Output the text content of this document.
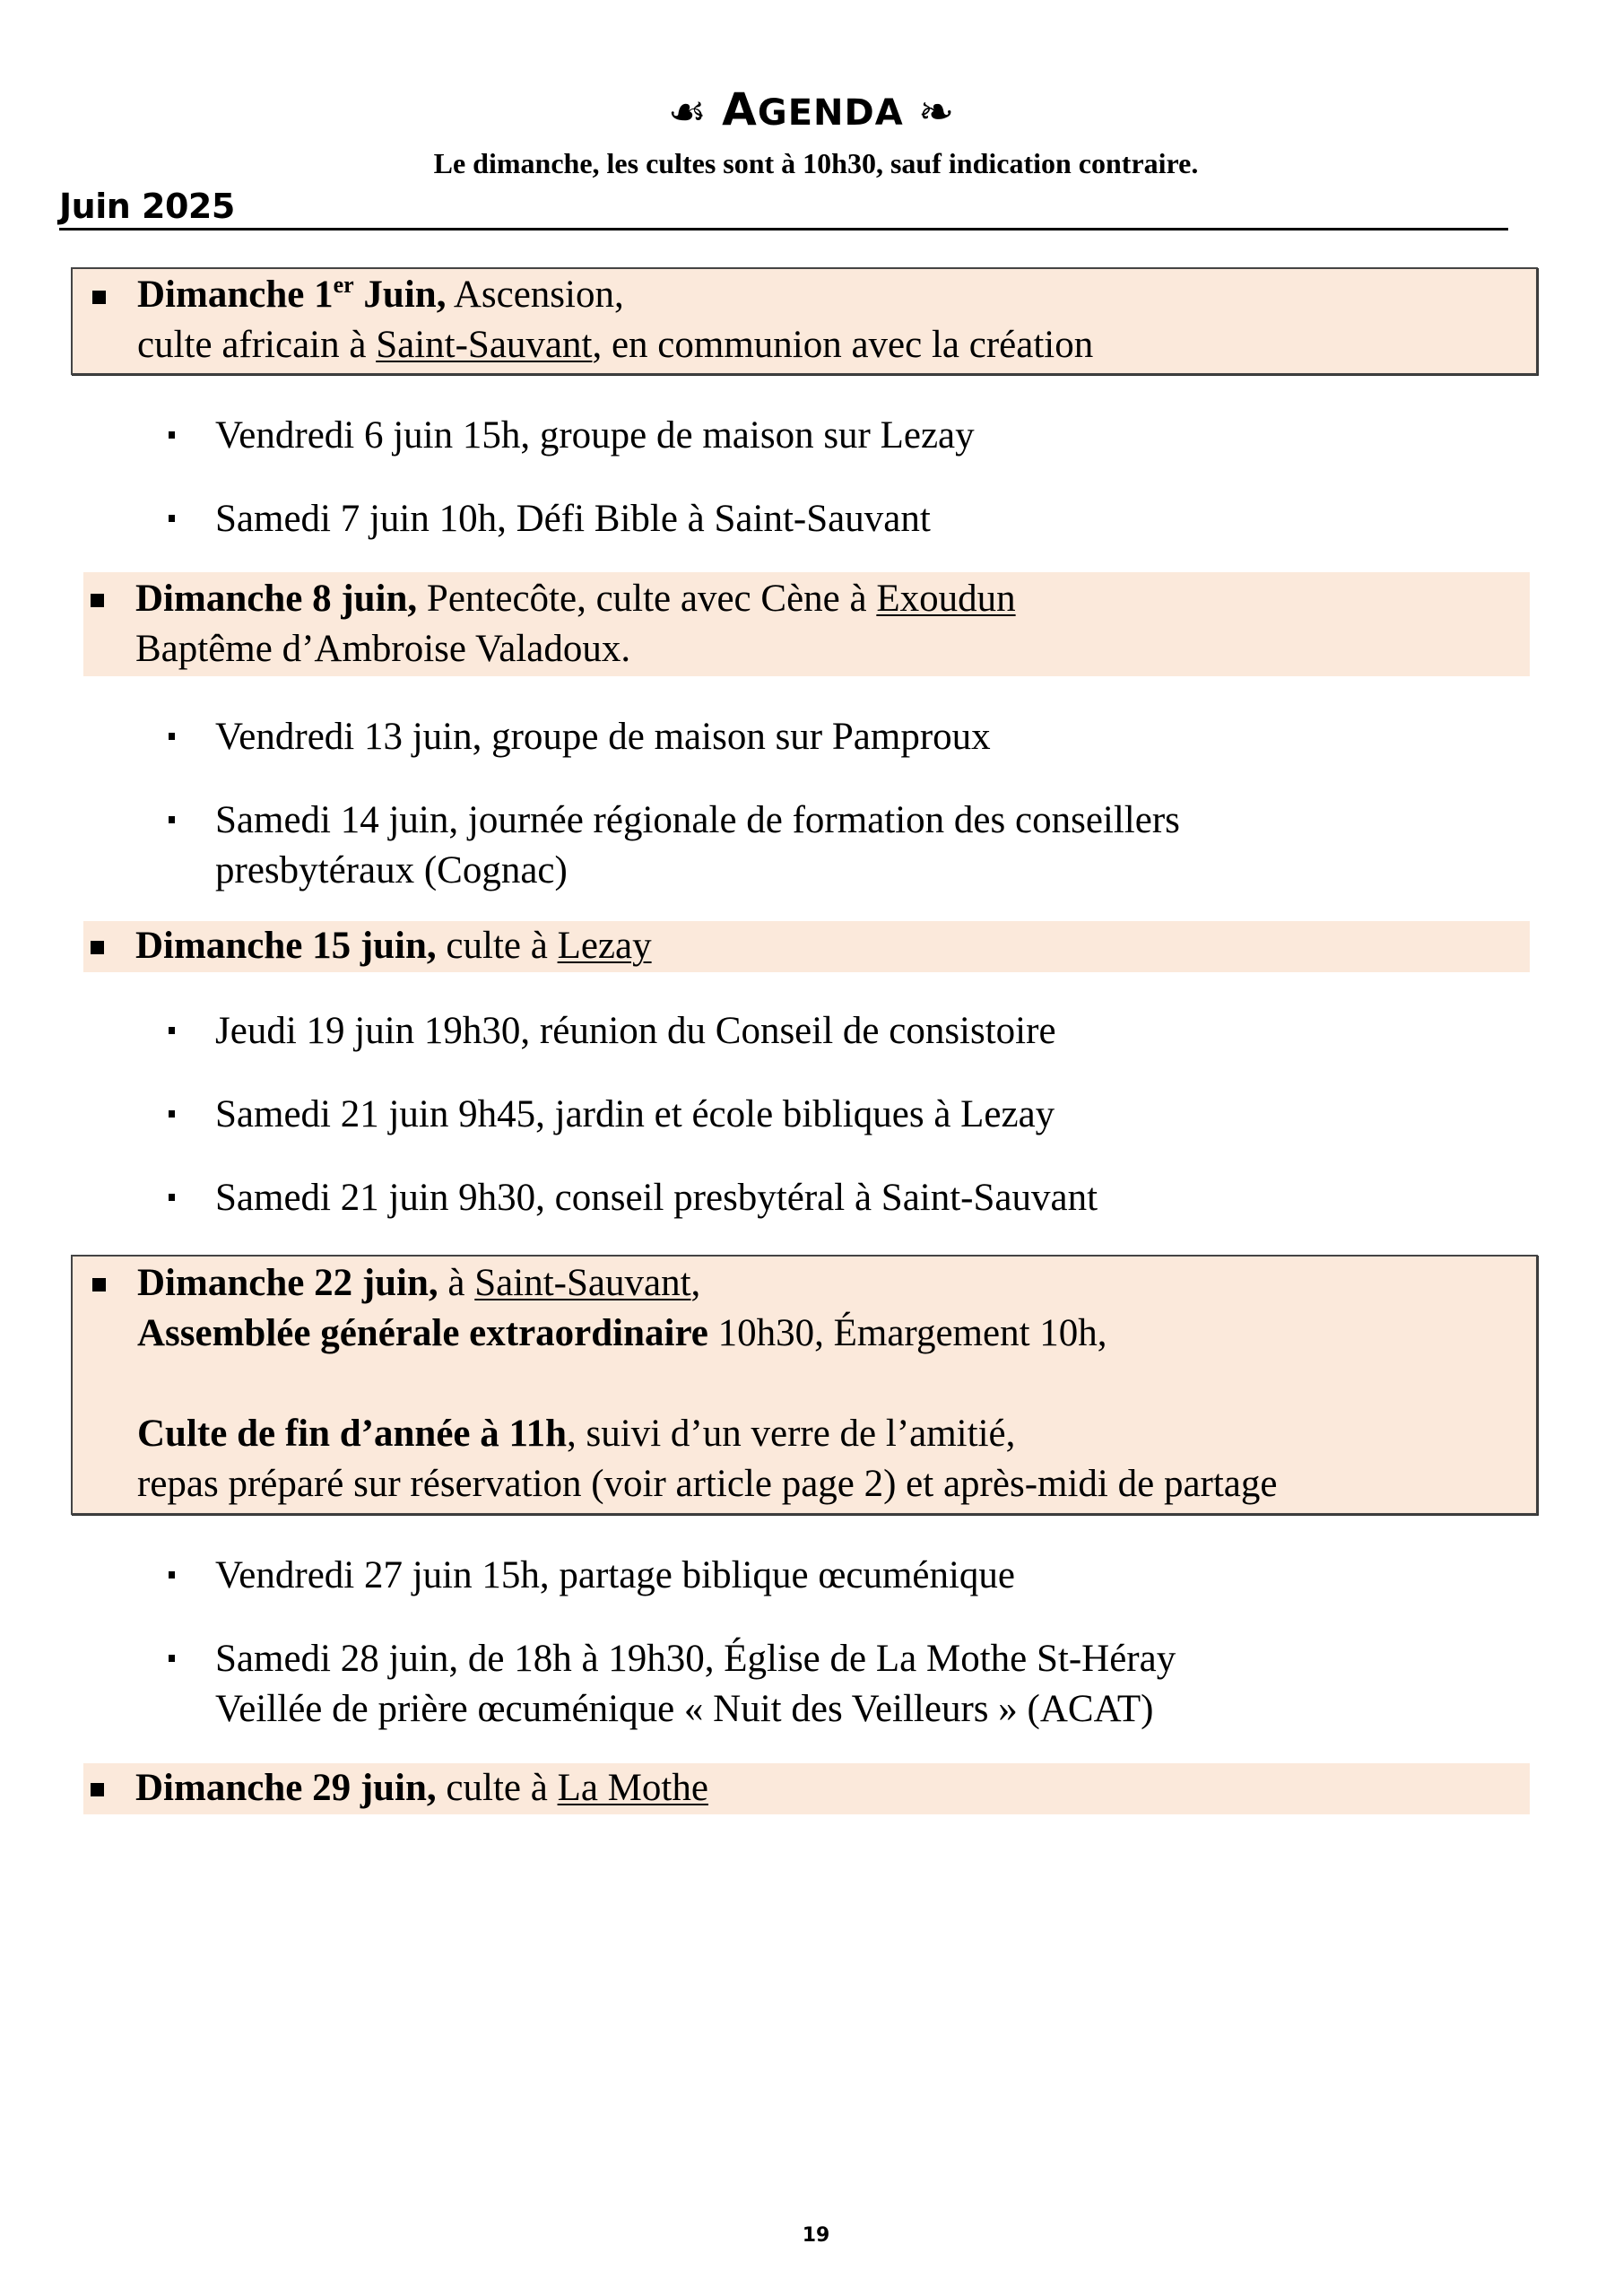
☙ AGENDA ❧
Le dimanche, les cultes sont à 10h30, sauf indication contraire.
Juin 2025
Dimanche 1er Juin, Ascension,
culte africain à Saint-Sauvant, en communion avec la création
Vendredi 6 juin 15h, groupe de maison sur Lezay
Samedi 7 juin 10h, Défi Bible à Saint-Sauvant
Dimanche 8 juin, Pentecôte, culte avec Cène à Exoudun
Baptême d’Ambroise Valadoux.
Vendredi 13 juin, groupe de maison sur Pamproux
Samedi 14 juin, journée régionale de formation des conseillers
presbytéraux (Cognac)
Dimanche 15 juin, culte à Lezay
Jeudi 19 juin 19h30, réunion du Conseil de consistoire
Samedi 21 juin 9h45, jardin et école bibliques à Lezay
Samedi 21 juin 9h30, conseil presbytéral à Saint-Sauvant
Dimanche 22 juin, à Saint-Sauvant,
Assemblée générale extraordinaire 10h30, Émargement 10h,
Culte de fin d’année à 11h, suivi d’un verre de l’amitié,
repas préparé sur réservation (voir article page 2) et après-midi de partage
Vendredi 27 juin 15h, partage biblique œcuménique
Samedi 28 juin, de 18h à 19h30, Église de La Mothe St-Héray
Veillée de prière œcuménique « Nuit des Veilleurs » (ACAT)
Dimanche 29 juin, culte à La Mothe
19
